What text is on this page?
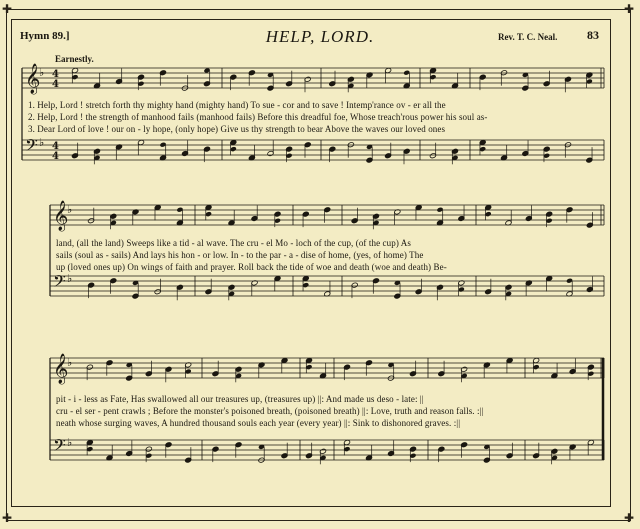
✚	✚
✚	✚
Hymn 89.]	HELP, LORD.	Rev. T. C. Neal. 83
Earnestly.
𝄞
♭
𝄢 ♭
4
4
4
4
𝄞
♭
𝄢 ♭
𝄞
♭
𝄢 ♭
1. Help, Lord ! stretch forth thy mighty hand (mighty hand) To sue - cor and to save ! Intemp'rance ov - er all the
2. Help, Lord ! the strength of manhood fails (manhood fails) Before this dreadful foe, Whose treach'rous power his soul as-
3. Dear Lord of love ! our on - ly hope, (only hope) Give us thy strength to bear Above the waves our loved ones
land, (all the land) Sweeps like a tid - al wave. The cru - el Mo - loch of the cup, (of the cup) As
sails (soul as - sails) And lays his hon - or low. In - to the par - a - dise of home, (yes, of home) The
up (loved ones up) On wings of faith and prayer. Roll back the tide of woe and death (woe and death) Be-
pit - i - less as Fate, Has swallowed all our treasures up, (treasures up) ||: And made us deso - late: ||
cru - el ser - pent crawls ; Before the monster's poisoned breath, (poisoned breath) ||: Love, truth and reason falls. :||
neath whose surging waves, A hundred thousand souls each year (every year) ||: Sink to dishonored graves. :||
